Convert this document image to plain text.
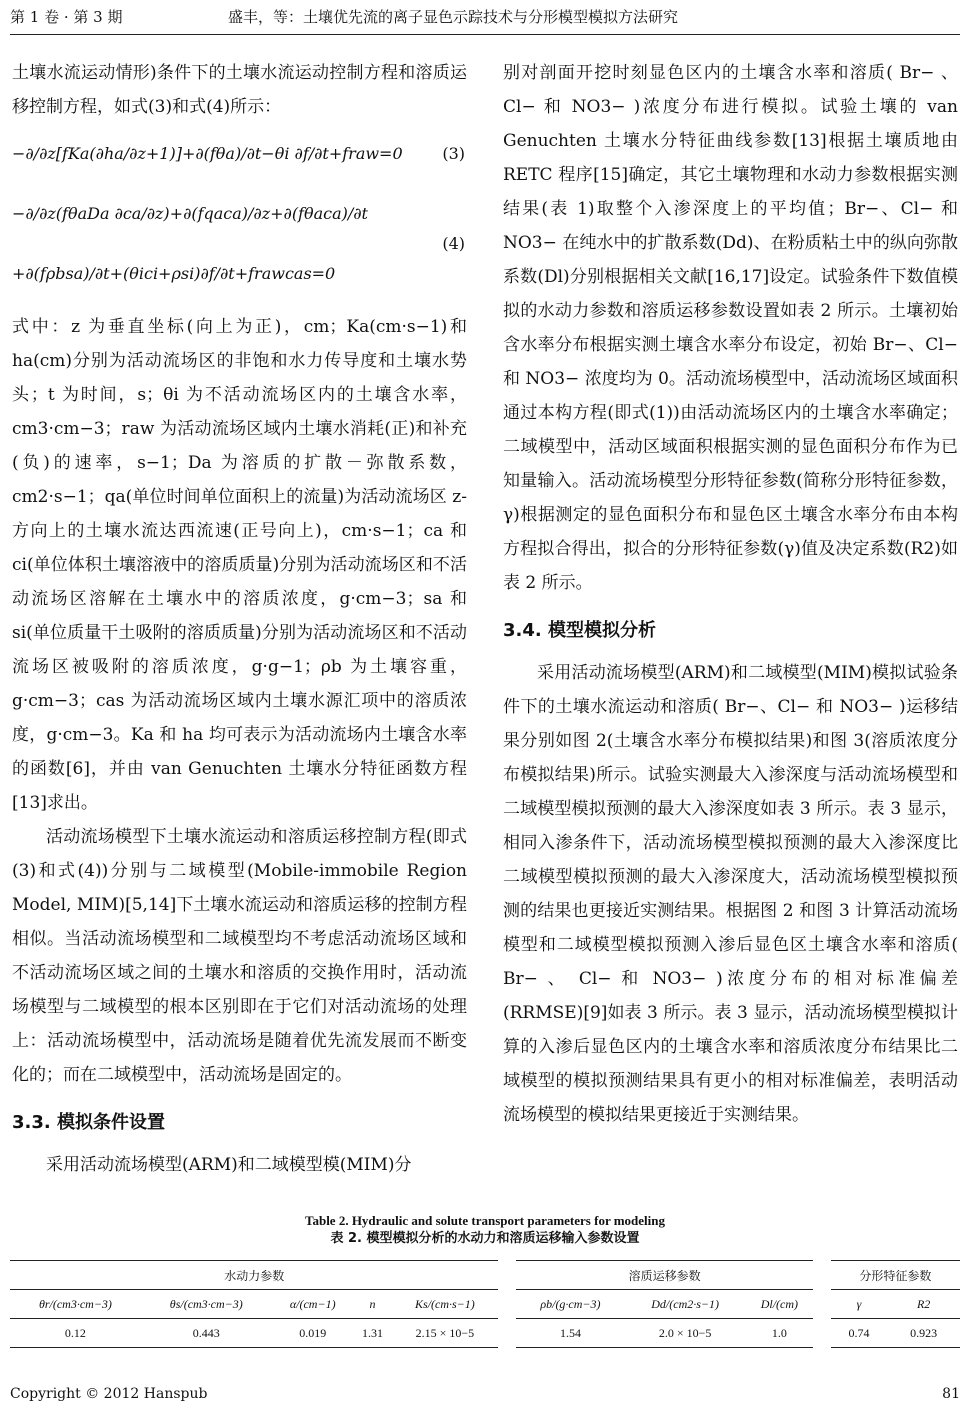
第 1 卷 · 第 3 期	盛丰，等：土壤优先流的离子显色示踪技术与分形模型模拟方法研究

土壤水流运动情形)条件下的土壤水流运动控制方程和溶质运移控制方程，如式(3)和式(4)所示：

−∂/∂z[fKa(∂ha/∂z+1)]+∂(fθa)/∂t−θi ∂f/∂t+fraw=0 (3)
−∂/∂z(fθaDa ∂ca/∂z)+∂(fqaca)/∂z+∂(fθaca)/∂t
+∂(fρbsa)/∂t+(θici+ρsi)∂f/∂t+frawcas=0
(4)

式中：z 为垂直坐标(向上为正)，cm；Ka(cm·s−1)和 ha(cm)分别为活动流场区的非饱和水力传导度和土壤水势头；t 为时间，s；θi 为不活动流场区内的土壤含水率，cm3·cm−3；raw 为活动流场区域内土壤水消耗(正)和补充(负)的速率，s−1；Da 为溶质的扩散－弥散系数，cm2·s−1；qa(单位时间单位面积上的流量)为活动流场区 z-方向上的土壤水流达西流速(正号向上)，cm·s−1；ca 和 ci(单位体积土壤溶液中的溶质质量)分别为活动流场区和不活动流场区溶解在土壤水中的溶质浓度，g·cm−3；sa 和 si(单位质量干土吸附的溶质质量)分别为活动流场区和不活动流场区被吸附的溶质浓度，g·g−1；ρb 为土壤容重，g·cm−3；cas 为活动流场区域内土壤水源汇项中的溶质浓度，g·cm−3。Ka 和 ha 均可表示为活动流场内土壤含水率的函数[6]，并由 van Genuchten 土壤水分特征函数方程[13]求出。

活动流场模型下土壤水流运动和溶质运移控制方程(即式(3)和式(4))分别与二域模型(Mobile-immobile Region Model, MIM)[5,14]下土壤水流运动和溶质运移的控制方程相似。当活动流场模型和二域模型均不考虑活动流场区域和不活动流场区域之间的土壤水和溶质的交换作用时，活动流场模型与二域模型的根本区别即在于它们对活动流场的处理上：活动流场模型中，活动流场是随着优先流发展而不断变化的；而在二域模型中，活动流场是固定的。

3.3. 模拟条件设置

采用活动流场模型(ARM)和二域模型模(MIM)分

别对剖面开挖时刻显色区内的土壤含水率和溶质( Br− 、 Cl− 和 NO3− )浓度分布进行模拟。试验土壤的 van Genuchten 土壤水分特征曲线参数[13]根据土壤质地由 RETC 程序[15]确定，其它土壤物理和水动力参数根据实测结果(表 1)取整个入渗深度上的平均值；Br−、Cl− 和 NO3− 在纯水中的扩散系数(Dd)、在粉质粘土中的纵向弥散系数(Dl)分别根据相关文献[16,17]设定。试验条件下数值模拟的水动力参数和溶质运移参数设置如表 2 所示。土壤初始含水率分布根据实测土壤含水率分布设定，初始 Br−、Cl− 和 NO3− 浓度均为 0。活动流场模型中，活动流场区域面积通过本构方程(即式(1))由活动流场区内的土壤含水率确定；二域模型中，活动区域面积根据实测的显色面积分布作为已知量输入。活动流场模型分形特征参数(简称分形特征参数，γ)根据测定的显色面积分布和显色区土壤含水率分布由本构方程拟合得出，拟合的分形特征参数(γ)值及决定系数(R2)如表 2 所示。

3.4. 模型模拟分析

采用活动流场模型(ARM)和二域模型(MIM)模拟试验条件下的土壤水流运动和溶质( Br−、Cl− 和 NO3− )运移结果分别如图 2(土壤含水率分布模拟结果)和图 3(溶质浓度分布模拟结果)所示。试验实测最大入渗深度与活动流场模型和二域模型模拟预测的最大入渗深度如表 3 所示。表 3 显示，相同入渗条件下，活动流场模型模拟预测的最大入渗深度比二域模型模拟预测的最大入渗深度大，活动流场模型模拟预测的结果也更接近实测结果。根据图 2 和图 3 计算活动流场模型和二域模型模拟预测入渗后显色区土壤含水率和溶质( Br− 、 Cl− 和 NO3− )浓度分布的相对标准偏差(RRMSE)[9]如表 3 所示。表 3 显示，活动流场模型模拟计算的入渗后显色区内的土壤含水率和溶质浓度分布结果比二域模型的模拟预测结果具有更小的相对标准偏差，表明活动流场模型的模拟结果更接近于实测结果。

Table 2. Hydraulic and solute transport parameters for modeling
表 2. 模型模拟分析的水动力和溶质运移输入参数设置
水动力参数						溶质运移参数				分形特征参数	
θr/(cm3·cm−3)	θs/(cm3·cm−3)	α/(cm−1)	n	Ks/(cm·s−1)		ρb/(g·cm−3)	Dd/(cm2·s−1)	Dl/(cm)		γ	R2
0.12	0.443	0.019	1.31	2.15 × 10−5		1.54	2.0 × 10−5	1.0		0.74	0.923
Copyright © 2012 Hanspub	81
